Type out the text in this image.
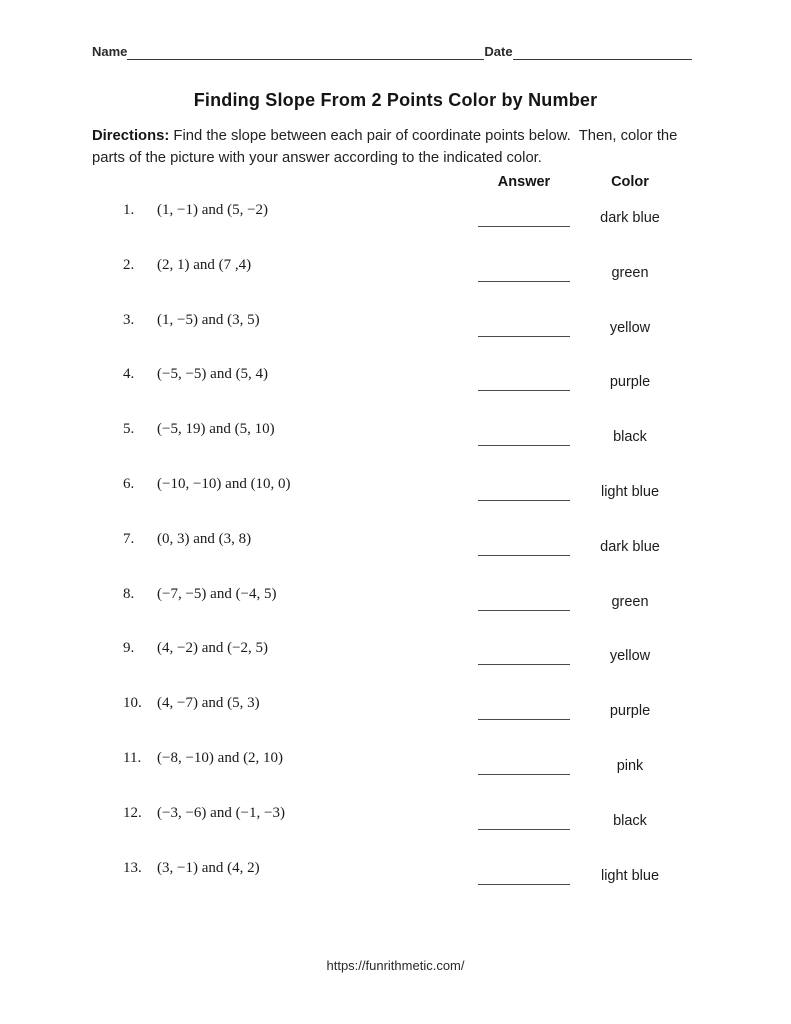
Name	Date
Finding Slope From 2 Points Color by Number
Directions: Find the slope between each pair of coordinate points below.  Then, color the parts of the picture with your answer according to the indicated color.
Answer	Color
1.	(1, −1) and (5, −2)	dark blue
2.	(2, 1) and (7 ,4)	green
3.	(1, −5) and (3, 5)	yellow
4.	(−5, −5) and (5, 4)	purple
5.	(−5, 19) and (5, 10)	black
6.	(−10, −10) and (10, 0)	light blue
7.	(0, 3) and (3, 8)	dark blue
8.	(−7, −5) and (−4, 5)	green
9.	(4, −2) and (−2, 5)	yellow
10.	(4, −7) and (5, 3)	purple
11.	(−8, −10) and (2, 10)	pink
12.	(−3, −6) and (−1, −3)	black
13.	(3, −1) and (4, 2)	light blue
https://funrithmetic.com/
